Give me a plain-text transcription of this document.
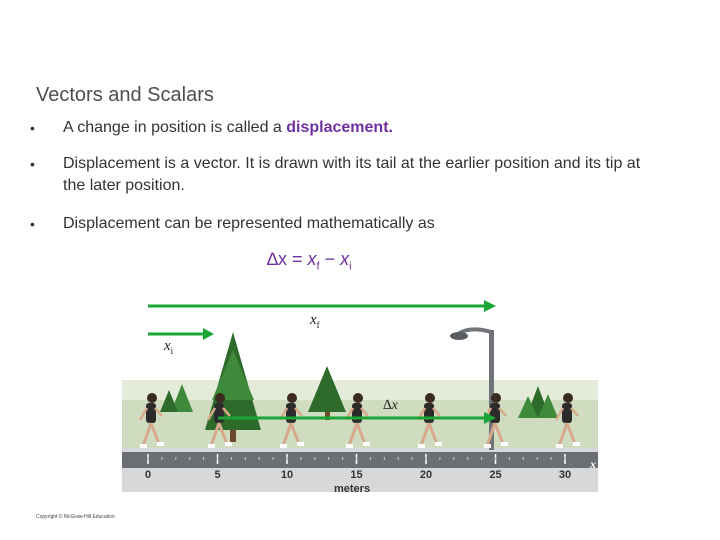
Vectors and Scalars
• A change in position is called a displacement.
• Displacement is a vector. It is drawn with its tail at the earlier position and its tip at the later position.
• Displacement can be represented mathematically as
$\Delta x = x_f - x_i$
$x_f$
$x_i$
∆x
0	5	10	15	20	25	30
x
meters
Copyright © McGraw-Hill Education
